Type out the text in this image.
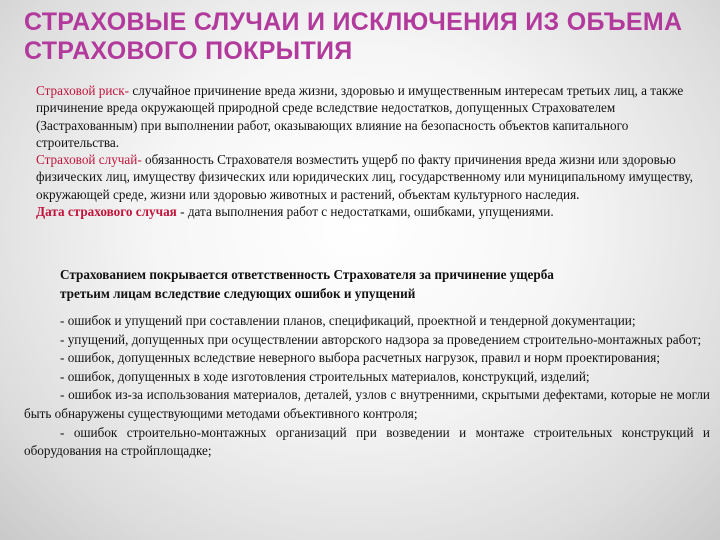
СТРАХОВЫЕ СЛУЧАИ И ИСКЛЮЧЕНИЯ ИЗ ОБЪЕМА
СТРАХОВОГО ПОКРЫТИЯ

Страховой риск- случайное причинение вреда жизни, здоровью и имущественным интересам третьих лиц, а также причинение вреда окружающей природной среде вследствие недостатков, допущенных Страхователем (Застрахованным) при выполнении работ, оказывающих влияние на безопасность объектов капитального строительства.

Страховой случай- обязанность Страхователя возместить ущерб по факту причинения вреда жизни или здоровью физических лиц, имуществу физических или юридических лиц, государственному или муниципальному имуществу, окружающей среде, жизни или здоровью животных и растений, объектам культурного наследия.

Дата страхового случая - дата выполнения работ с недостатками, ошибками, упущениями.

Страхованием покрывается ответственность Страхователя за причинение ущерба
третьим лицам вследствие следующих ошибок и упущений

- ошибок и упущений при составлении планов, спецификаций, проектной и тендерной документации;

- упущений, допущенных при осуществлении авторского надзора за проведением строительно-монтажных работ;

- ошибок, допущенных вследствие неверного выбора расчетных нагрузок, правил и норм проектирования;

- ошибок, допущенных в ходе изготовления строительных материалов, конструкций, изделий;

- ошибок из-за использования материалов, деталей, узлов с внутренними, скрытыми дефектами, которые не могли быть обнаружены существующими методами объективного контроля;

- ошибок строительно-монтажных организаций при возведении и монтаже строительных конструкций и оборудования на стройплощадке;
